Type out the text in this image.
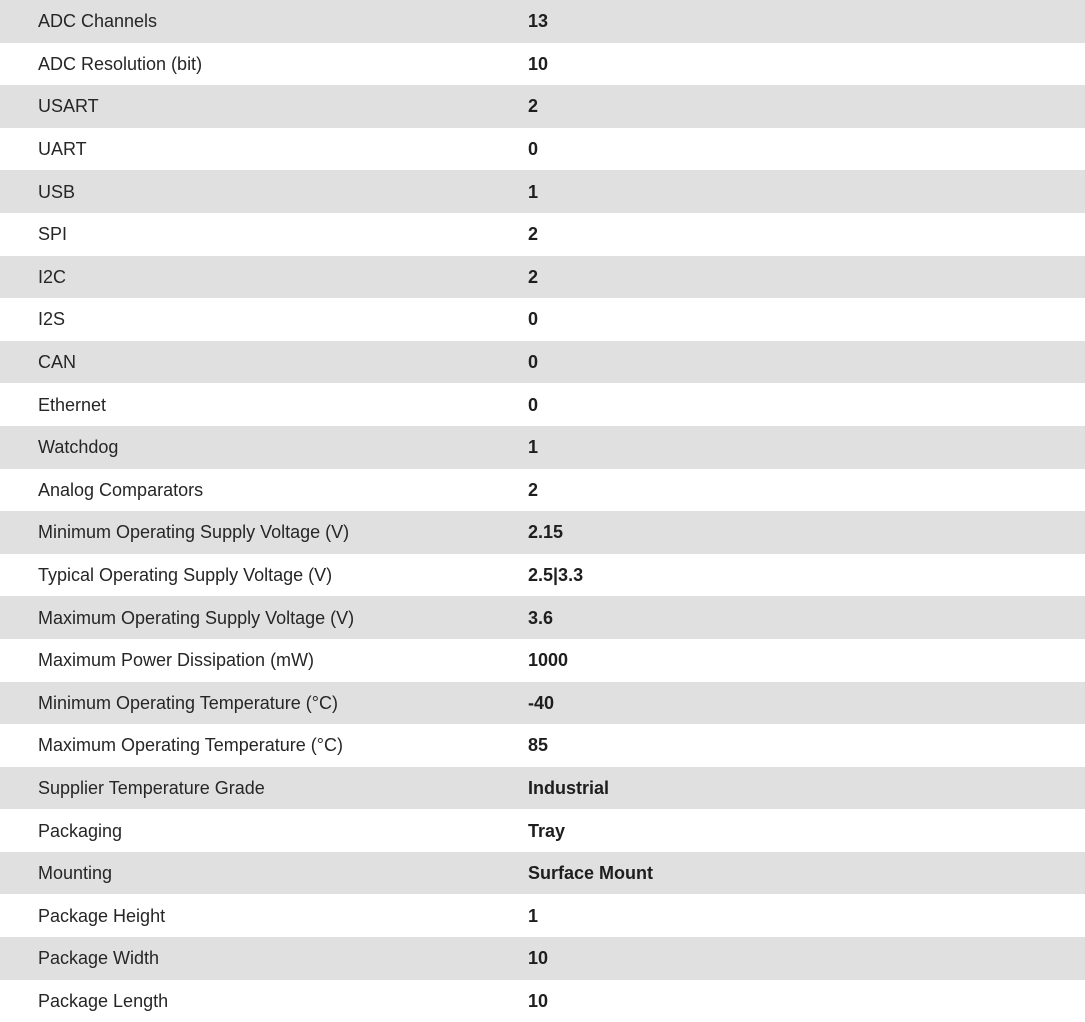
ADC Channels	13
ADC Resolution (bit)	10
USART	2
UART	0
USB	1
SPI	2
I2C	2
I2S	0
CAN	0
Ethernet	0
Watchdog	1
Analog Comparators	2
Minimum Operating Supply Voltage (V)	2.15
Typical Operating Supply Voltage (V)	2.5|3.3
Maximum Operating Supply Voltage (V)	3.6
Maximum Power Dissipation (mW)	1000
Minimum Operating Temperature (°C)	-40
Maximum Operating Temperature (°C)	85
Supplier Temperature Grade	Industrial
Packaging	Tray
Mounting	Surface Mount
Package Height	1
Package Width	10
Package Length	10
